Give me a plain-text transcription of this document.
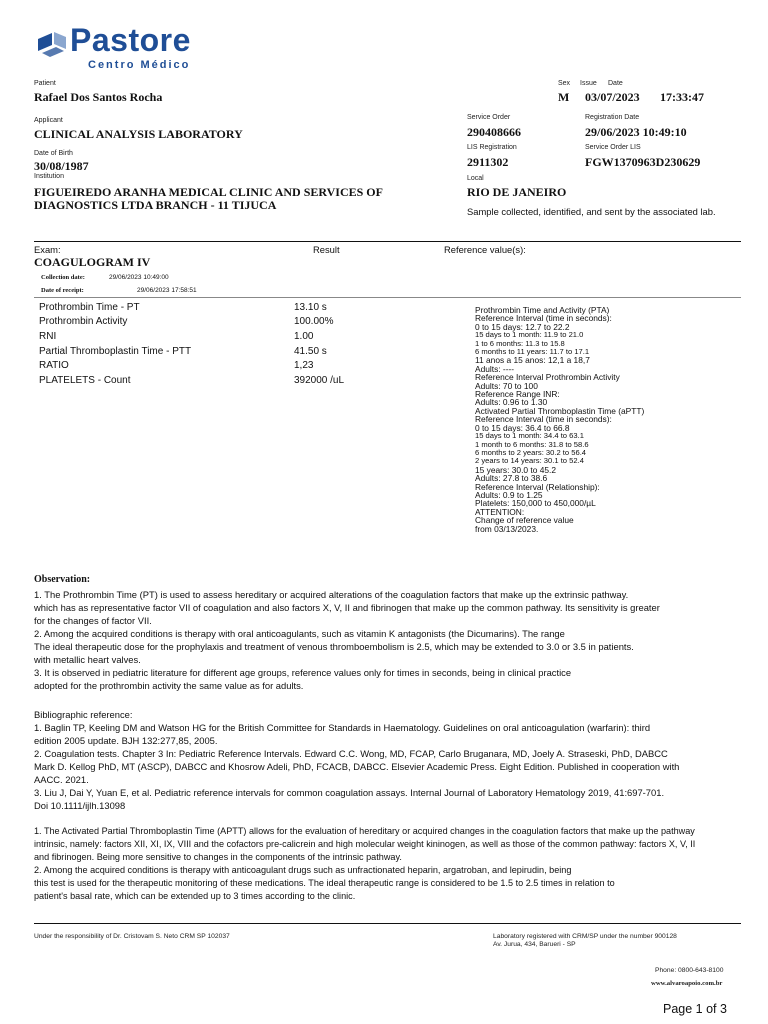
Pastore
Centro Médico
Patient
Rafael Dos Santos Rocha
Sex Issue Date
M 03/07/2023 17:33:47
Applicant
CLINICAL ANALYSIS LABORATORY
Service Order
290408666
Registration Date
29/06/2023 10:49:10
Date of Birth
30/08/1987
Institution
FIGUEIREDO ARANHA MEDICAL CLINIC AND SERVICES OF
DIAGNOSTICS LTDA BRANCH - 11 TIJUCA
LIS Registration
2911302
Service Order LIS
FGW1370963D230629
Local
RIO DE JANEIRO
Sample collected, identified, and sent by the associated lab.
Exam:	Result	Reference value(s):
COAGULOGRAM IV
Collection date:	29/06/2023 10:49:00
Date of receipt:	29/06/2023 17:58:51
Prothrombin Time - PT	13.10 s
Prothrombin Activity	100.00%
RNI	1.00
Partial Thromboplastin Time - PTT	41.50 s
RATIO	1,23
PLATELETS - Count	392000 /uL
Prothrombin Time and Activity (PTA)
Reference Interval (time in seconds):
0 to 15 days: 12.7 to 22.2
15 days to 1 month: 11.9 to 21.0
1 to 6 months: 11.3 to 15.8
6 months to 11 years: 11.7 to 17.1
11 anos a 15 anos: 12,1 a 18,7
Adults: ----
Reference Interval Prothrombin Activity
Adults: 70 to 100
Reference Range INR:
Adults: 0.96 to 1.30
Activated Partial Thromboplastin Time (aPTT)
Reference Interval (time in seconds):
0 to 15 days: 36.4 to 66.8
15 days to 1 month: 34.4 to 63.1
1 month to 6 months: 31.8 to 58.6
6 months to 2 years: 30.2 to 56.4
2 years to 14 years: 30.1 to 52.4
15 years: 30.0 to 45.2
Adults: 27.8 to 38.6
Reference Interval (Relationship):
Adults: 0.9 to 1.25
Platelets: 150,000 to 450,000/µL
ATTENTION:
Change of reference value
from 03/13/2023.
Observation:
1. The Prothrombin Time (PT) is used to assess hereditary or acquired alterations of the coagulation factors that make up the extrinsic pathway.
which has as representative factor VII of coagulation and also factors X, V, II and fibrinogen that make up the common pathway. Its sensitivity is greater
for the changes of factor VII.
2. Among the acquired conditions is therapy with oral anticoagulants, such as vitamin K antagonists (the Dicumarins). The range
The ideal therapeutic dose for the prophylaxis and treatment of venous thromboembolism is 2.5, which may be extended to 3.0 or 3.5 in patients.
with metallic heart valves.
3. It is observed in pediatric literature for different age groups, reference values only for times in seconds, being in clinical practice
adopted for the prothrombin activity the same value as for adults.
Bibliographic reference:
1. Baglin TP, Keeling DM and Watson HG for the British Committee for Standards in Haematology. Guidelines on oral anticoagulation (warfarin): third
edition 2005 update. BJH 132:277,85, 2005.
2. Coagulation tests. Chapter 3 In: Pediatric Reference Intervals. Edward C.C. Wong, MD, FCAP, Carlo Bruganara, MD, Joely A. Straseski, PhD, DABCC
Mark D. Kellog PhD, MT (ASCP), DABCC and Khosrow Adeli, PhD, FCACB, DABCC. Elsevier Academic Press. Eight Edition. Published in cooperation with
AACC. 2021.
3. Liu J, Dai Y, Yuan E, et al. Pediatric reference intervals for common coagulation assays. Internal Journal of Laboratory Hematology 2019, 41:697-701.
Doi 10.1111/ijlh.13098
1. The Activated Partial Thromboplastin Time (APTT) allows for the evaluation of hereditary or acquired changes in the coagulation factors that make up the pathway
intrinsic, namely: factors XII, XI, IX, VIII and the cofactors pre-calicrein and high molecular weight kininogen, as well as those of the common pathway: factors X, V, II
and fibrinogen. Being more sensitive to changes in the components of the intrinsic pathway.
2. Among the acquired conditions is therapy with anticoagulant drugs such as unfractionated heparin, argatroban, and lepirudin, being
this test is used for the therapeutic monitoring of these medications. The ideal therapeutic range is considered to be 1.5 to 2.5 times in relation to
patient's basal rate, which can be extended up to 3 times according to the clinic.
Under the responsibility of Dr. Cristovam S. Neto CRM SP 102037	Laboratory registered with CRM/SP under the number 900128
Av. Jurua, 434, Barueri - SP
Phone: 0800-643-8100
www.alvaroapoio.com.br
Page 1 of 3
